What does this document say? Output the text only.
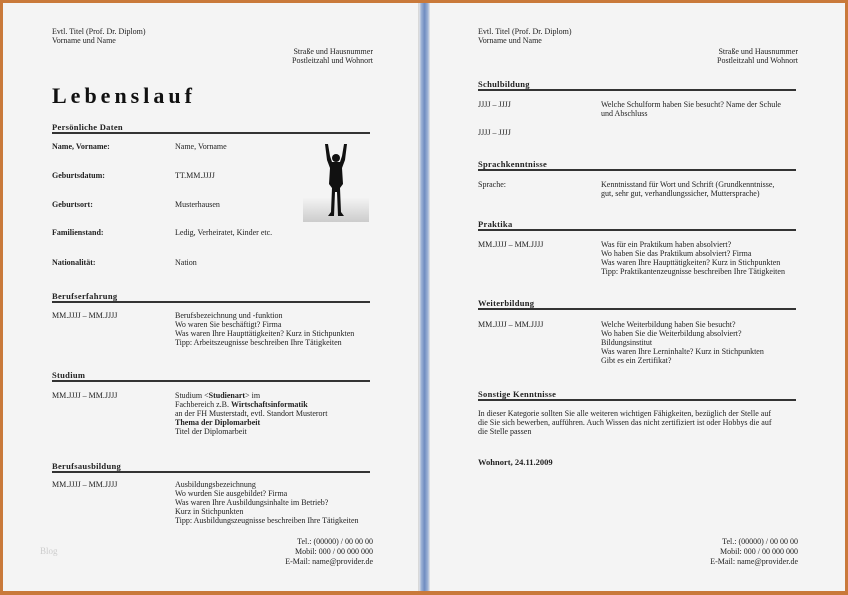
Evtl. Titel (Prof. Dr. Diplom)
Vorname und Name
Straße und Hausnummer
Postleitzahl und Wohnort
Lebenslauf
Persönliche Daten
Name, Vorname:	Name, Vorname
Geburtsdatum:	TT.MM.JJJJ
Geburtsort:	Musterhausen
Familienstand:	Ledig, Verheiratet, Kinder etc.
Nationalität:	Nation
Berufserfahrung
MM.JJJJ – MM.JJJJ	Berufsbezeichnung und -funktion
Wo waren Sie beschäftigt? Firma
Was waren Ihre Haupttätigkeiten? Kurz in Stichpunkten
Tipp: Arbeitszeugnisse beschreiben Ihre Tätigkeiten
Studium
MM.JJJJ – MM.JJJJ	Studium <Studienart> im
Fachbereich z.B. Wirtschaftsinformatik
an der FH Musterstadt, evtl. Standort Musterort
Thema der Diplomarbeit
Titel der Diplomarbeit
Berufsausbildung
MM.JJJJ – MM.JJJJ	Ausbildungsbezeichnung
Wo wurden Sie ausgebildet? Firma
Was waren Ihre Ausbildungsinhalte im Betrieb?
Kurz in Stichpunkten
Tipp: Ausbildungszeugnisse beschreiben Ihre Tätigkeiten
Tel.: (00000) / 00 00 00
Mobil: 000 / 00 000 000
E-Mail: name@provider.de
Blog
Evtl. Titel (Prof. Dr. Diplom)
Vorname und Name
Straße und Hausnummer
Postleitzahl und Wohnort
Schulbildung
JJJJ – JJJJ	Welche Schulform haben Sie besucht? Name der Schule
und Abschluss
JJJJ – JJJJ
Sprachkenntnisse
Sprache:	Kenntnisstand für Wort und Schrift (Grundkenntnisse,
gut, sehr gut, verhandlungssicher, Muttersprache)
Praktika
MM.JJJJ – MM.JJJJ	Was für ein Praktikum haben absolviert?
Wo haben Sie das Praktikum absolviert? Firma
Was waren Ihre Haupttätigkeiten? Kurz in Stichpunkten
Tipp: Praktikantenzeugnisse beschreiben Ihre Tätigkeiten
Weiterbildung
MM.JJJJ – MM.JJJJ	Welche Weiterbildung haben Sie besucht?
Wo haben Sie die Weiterbildung absolviert?
Bildungsinstitut
Was waren Ihre Lerninhalte? Kurz in Stichpunkten
Gibt es ein Zertifikat?
Sonstige Kenntnisse
In dieser Kategorie sollten Sie alle weiteren wichtigen Fähigkeiten, bezüglich der Stelle auf
die Sie sich bewerben, aufführen. Auch Wissen das nicht zertifiziert ist oder Hobbys die auf
die Stelle passen
Wohnort, 24.11.2009
Tel.: (00000) / 00 00 00
Mobil: 000 / 00 000 000
E-Mail: name@provider.de
